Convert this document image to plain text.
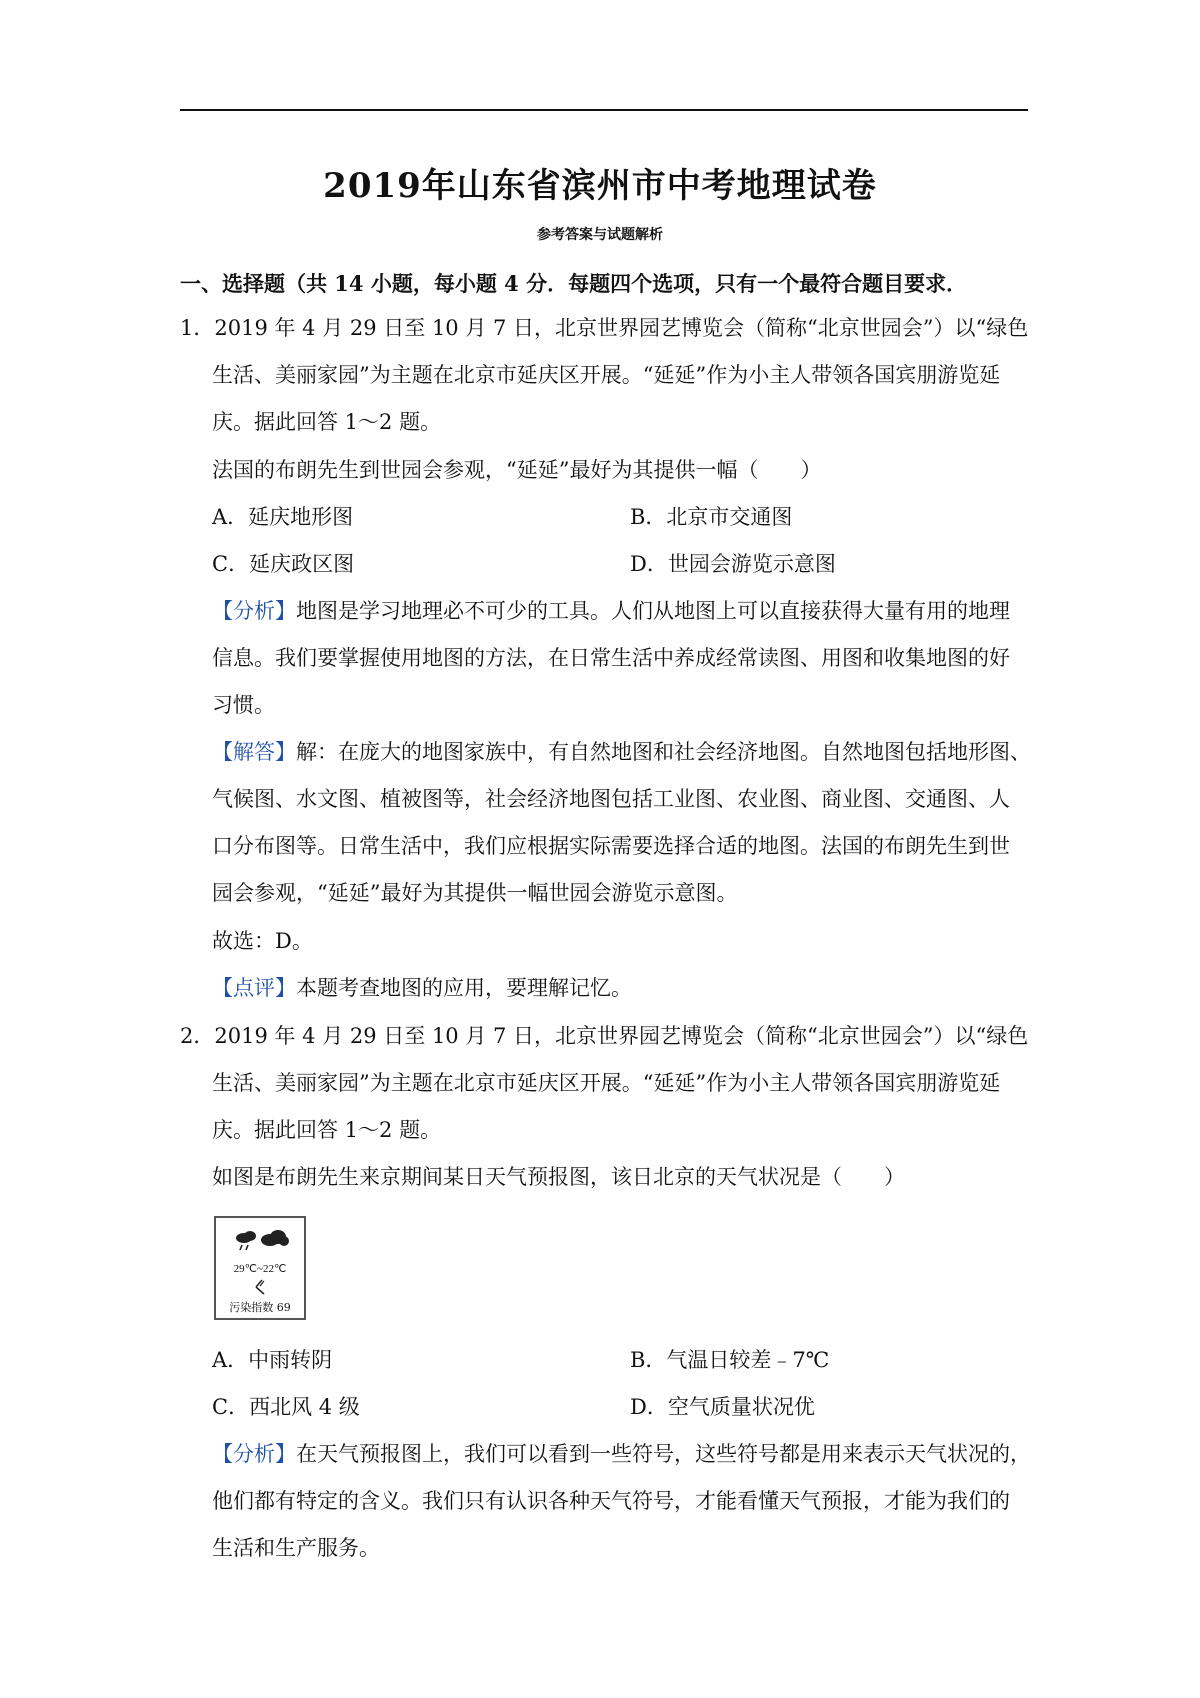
2019年山东省滨州市中考地理试卷
参考答案与试题解析
一、选择题（共 14 小题，每小题 4 分．每题四个选项，只有一个最符合题目要求．
1．2019 年 4 月 29 日至 10 月 7 日，北京世界园艺博览会（简称“北京世园会”）以“绿色
生活、美丽家园”为主题在北京市延庆区开展。“延延”作为小主人带领各国宾朋游览延
庆。据此回答 1～2 题。
法国的布朗先生到世园会参观，“延延”最好为其提供一幅（　　）
A．延庆地形图	B．北京市交通图
C．延庆政区图	D．世园会游览示意图
【分析】地图是学习地理必不可少的工具。人们从地图上可以直接获得大量有用的地理
信息。我们要掌握使用地图的方法，在日常生活中养成经常读图、用图和收集地图的好
习惯。
【解答】解：在庞大的地图家族中，有自然地图和社会经济地图。自然地图包括地形图、
气候图、水文图、植被图等，社会经济地图包括工业图、农业图、商业图、交通图、人
口分布图等。日常生活中，我们应根据实际需要选择合适的地图。法国的布朗先生到世
园会参观，“延延”最好为其提供一幅世园会游览示意图。
故选：D。
【点评】本题考查地图的应用，要理解记忆。
2．2019 年 4 月 29 日至 10 月 7 日，北京世界园艺博览会（简称“北京世园会”）以“绿色
生活、美丽家园”为主题在北京市延庆区开展。“延延”作为小主人带领各国宾朋游览延
庆。据此回答 1～2 题。
如图是布朗先生来京期间某日天气预报图，该日北京的天气状况是（　　）
29℃~22℃
污染指数 69
A．中雨转阴	B．气温日较差﹣7℃
C．西北风 4 级	D．空气质量状况优
【分析】在天气预报图上，我们可以看到一些符号，这些符号都是用来表示天气状况的，
他们都有特定的含义。我们只有认识各种天气符号，才能看懂天气预报，才能为我们的
生活和生产服务。
